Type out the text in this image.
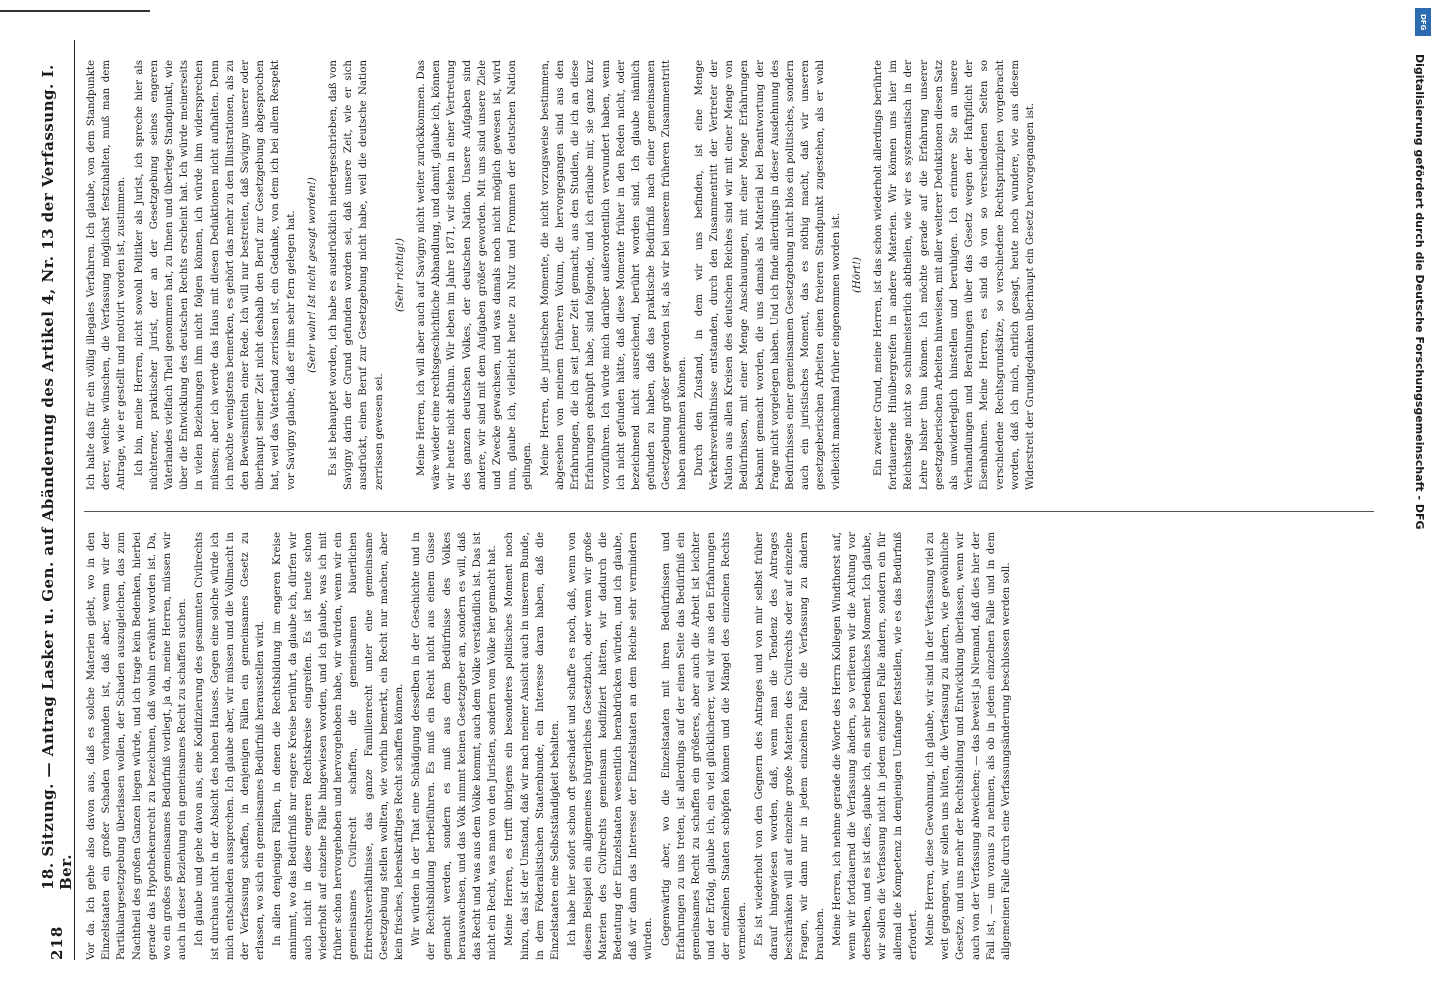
218
18. Sitzung. — Antrag Lasker u. Gen. auf Abänderung des Artikel 4, Nr. 13 der Verfassung. I. Ber. Vor da. Ich gehe also davon aus, daß es solche Materien giebt, wo in den Einzelstaaten ein großer Schaden vorhanden ist, daß aber, wenn wir der Partikulargesetzgebung überlassen wollen, der Schaden auszugleichen, das zum Nachtheil des großen Ganzen liegen würde, und ich trage kein Bedenken, hierbei gerade das Hypothekenrecht zu bezeichnen, daß wohin erwähnt worden ist. Da, wo ein großes gemeinsames Bedürfniß vorliegt, ja da, meine Herren, müssen wir auch in dieser Beziehung ein gemeinsames Recht zu schaffen suchen. Ich glaube und gehe davon aus, eine Kodifizierung des gesammten Civilrechts ist durchaus nicht in der Absicht des hohen Hauses. Gegen eine solche würde ich mich entschieden aussprechen. Ich glaube aber, wir müssen und die Vollmacht in der Verfassung schaffen, in denjenigen Fällen ein gemeinsames Gesetz zu erlassen, wo sich ein gemeinsames Bedürfniß herausstellen wird. In allen denjenigen Fällen, in denen die Rechtsbildung im engeren Kreise annimmt, wo das Bedürfniß nur engere Kreise berührt, da glaube ich, dürfen wir auch nicht in diese engeren Rechtskreise eingreifen. Es ist heute schon wiederholt auf einzelne Fälle hingewiesen worden, und ich glaube, was ich mit früher schon hervorgehoben und hervorgehoben habe, wir würden, wenn wir ein gemeinsames Civilrecht schaffen, die gemeinsamen bäuerlichen Erbrechtsverhältnisse, das ganze Familienrecht unter eine gemeinsame Gesetzgebung stellen wollten, wie vorhin bemerkt, ein Recht nur machen, aber kein frisches, lebenskräftiges Recht schaffen können. Wir würden in der That eine Schädigung desselben in der Geschichte und in der Rechtsbildung herbeiführen. Es muß ein Recht nicht aus einem Gusse gemacht werden, sondern es muß aus dem Bedürfnisse des Volkes herauswachsen, und das Volk nimmt keinen Gesetzgeber an, sondern es will, daß das Recht und was aus dem Volke kommt, auch dem Volke verständlich ist. Das ist nicht ein Recht, was man von den Juristen, sondern vom Volke her gemacht hat. Meine Herren, es trifft übrigens ein besonderes politisches Moment noch hinzu, das ist der Umstand, daß wir nach meiner Ansicht auch in unserem Bunde, in dem Föderalistischen Staatenbunde, ein Interesse daran haben, daß die Einzelstaaten eine Selbstständigkeit behalten. Ich habe hier sofort schon oft geschadet und schaffe es noch, daß, wenn von diesem Beispiel ein allgemeines bürgerliches Gesetzbuch, oder wenn wir große Materien des Civilrechts gemeinsam kodifiziert hätten, wir dadurch die Bedeutung der Einzelstaaten wesentlich herabdrücken würden, und ich glaube, daß wir dann das Interesse der Einzelstaaten an dem Reiche sehr vermindern würden. Gegenwärtig aber, wo die Einzelstaaten mit ihren Bedürfnissen und Erfahrungen zu uns treten, ist allerdings auf der einen Seite das Bedürfniß ein gemeinsames Recht zu schaffen ein größeres, aber auch die Arbeit ist leichter und der Erfolg, glaube ich, ein viel glücklicherer, weil wir aus den Erfahrungen der einzelnen Staaten schöpfen können und die Mängel des einzelnen Rechts vermeiden. Es ist wiederholt von den Gegnern des Antrages und von mir selbst früher darauf hingewiesen worden, daß, wenn man die Tendenz des Antrages beschränken will auf einzelne große Materien des Civilrechts oder auf einzelne Fragen, wir dann nur in jedem einzelnen Falle die Verfassung zu ändern brauchen. Meine Herren, ich nehme gerade die Worte des Herrn Kollegen Windthorst auf, wenn wir fortdauernd die Verfassung ändern, so verlieren wir die Achtung vor derselben, und es ist dies, glaube ich, ein sehr bedenkliches Moment. Ich glaube, wir sollen die Verfassung nicht in jedem einzelnen Falle ändern, sondern ein für allemal die Kompetenz in demjenigen Umfange feststellen, wie es das Bedürfniß erfordert. Meine Herren, diese Gewohnung, ich glaube, wir sind in der Verfassung viel zu weit gegangen, wir sollen uns hüten, die Verfassung zu ändern, wie gewöhnliche Gesetze, und uns mehr der Rechtsbildung und Entwicklung überlassen, wenn wir auch von der Verfassung abweichen; — das beweist ja Niemand, daß dies hier der Fall ist, — um voraus zu nehmen, als ob in jedem einzelnen Falle und in dem allgemeinen Falle durch eine Verfassungsänderung beschlossen werden soll.

Ich halte das für ein völlig illegales Verfahren. Ich glaube, von dem Standpunkte derer, welche wünschen, die Verfassung möglichst festzuhalten, muß man dem Antrage, wie er gestellt und motivirt worden ist, zustimmen. Ich bin, meine Herren, nicht sowohl Politiker als Jurist, ich spreche hier als nüchterner, praktischer Jurist, der an der Gesetzgebung seines engeren Vaterlandes vielfach Theil genommen hat, zu Ihnen und überlege Standpunkt, wie über die Entwicklung des deutschen Rechts erscheint hat. Ich würde meinerseits in vielen Beziehungen ihm nicht folgen können, ich würde ihm widersprechen müssen; aber ich werde das Haus mit diesen Deduktionen nicht aufhalten. Denn ich möchte wenigstens bemerken, es gehört das mehr zu den Illustrationen, als zu den Beweismitteln einer Rede. Ich will nur bestreiten, daß Savigny unserer oder überhaupt seiner Zeit nicht deshalb den Beruf zur Gesetzgebung abgesprochen hat, weil das Vaterland zerrissen ist, ein Gedanke, von dem ich bei allem Respekt vor Savigny glaube, daß er ihm sehr fern gelegen hat. (Sehr wahr! Ist nicht gesagt worden!) Es ist behauptet worden, ich habe es ausdrücklich niedergeschrieben, daß von Savigny darin der Grund gefunden worden sei, daß unsere Zeit, wie er sich ausdrückt, einen Beruf zur Gesetzgebung nicht habe, weil die deutsche Nation zerrissen gewesen sei.

(Sehr richtig!) Meine Herren, ich will aber auch auf Savigny nicht weiter zurückkommen. Das wäre wieder eine rechtsgeschichtliche Abhandlung, und damit, glaube ich, können wir heute nicht abthun. Wir leben im Jahre 1871, wir stehen in einer Vertretung des ganzen deutschen Volkes, der deutschen Nation. Unsere Aufgaben sind andere, wir sind mit dem Aufgaben größer geworden. Mit uns sind unsere Ziele und Zwecke gewachsen, und was damals noch nicht möglich gewesen ist, wird nun, glaube ich, vielleicht heute zu Nutz und Frommen der deutschen Nation gelingen. Meine Herren, die juristischen Momente, die nicht vorzugsweise bestimmen, abgesehen von meinem früheren Votum, die hervorgegangen sind aus den Erfahrungen, die ich seit jener Zeit gemacht, aus den Studien, die ich an diese Erfahrungen geknüpft habe, sind folgende, und ich erlaube mir, sie ganz kurz vorzuführen. Ich würde mich darüber außerordentlich verwundert haben, wenn ich nicht gefunden hätte, daß diese Momente früher in den Reden nicht, oder bezeichnend nicht ausreichend, berührt worden sind. Ich glaube nämlich gefunden zu haben, daß das praktische Bedürfniß nach einer gemeinsamen Gesetzgebung größer geworden ist, als wir bei unserem früheren Zusammentritt haben annehmen können. Durch den Zustand, in dem wir uns befinden, ist eine Menge Verkehrsverhältnisse entstanden, durch den Zusammentritt der Vertreter der Nation aus allen Kreisen des deutschen Reiches sind wir mit einer Menge von Bedürfnissen, mit einer Menge Anschauungen, mit einer Menge Erfahrungen bekannt gemacht worden, die uns damals als Material bei Beantwortung der Frage nicht vorgelegen haben. Und ich finde allerdings in dieser Ausdehnung des Bedürfnisses einer gemeinsamen Gesetzgebung nicht blos ein politisches, sondern auch ein juristisches Moment, das es nöthig macht, daß wir unseren gesetzgeberischen Arbeiten einen freieren Standpunkt zugestehen, als er wohl vielleicht manchmal früher eingenommen worden ist. (Hört!) Ein zweiter Grund, meine Herren, ist das schon wiederholt allerdings berührte fortdauernde Hinübergreifen in andere Materien. Wir können uns hier im Reichstage nicht so schulmeisterlich abtheilen, wie wir es systematisch in der Lehre bisher thun können. Ich möchte gerade auf die Erfahrung unserer gesetzgeberischen Arbeiten hinweisen, mit aller weiterer Deduktionen diesen Satz als unwiderleglich hinstellen und beruhigen. Ich erinnere Sie an unsere Verhandlungen und Berathungen über das Gesetz wegen der Haftpflicht der Eisenbahnen. Meine Herren, es sind da von so verschiedenen Seiten so verschiedene Rechtsgrundsätze, so verschiedene Rechtsprinzipien vorgebracht worden, daß ich mich, ehrlich gesagt, heute noch wundere, wie aus diesem Widerstreit der Grundgedanken überhaupt ein Gesetz hervorgegangen ist.

DFG
Digitalisierung gefördert durch die Deutsche Forschungsgemeinschaft - DFG
